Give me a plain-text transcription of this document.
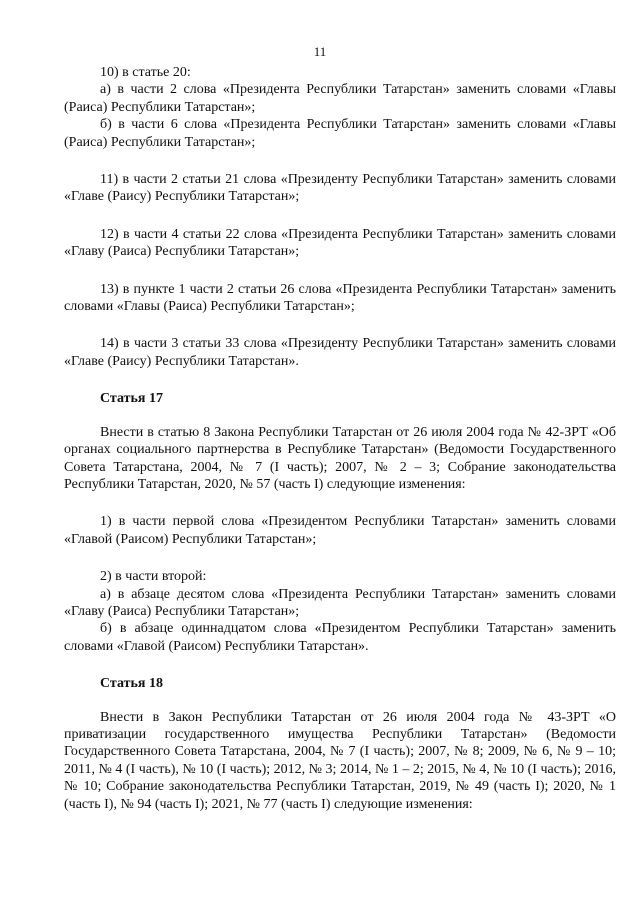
11

10) в статье 20:

а) в части 2 слова «Президента Республики Татарстан» заменить словами «Главы (Раиса) Республики Татарстан»;

б) в части 6 слова «Президента Республики Татарстан» заменить словами «Главы (Раиса) Республики Татарстан»;

11) в части 2 статьи 21 слова «Президенту Республики Татарстан» заменить словами «Главе (Раису) Республики Татарстан»;

12) в части 4 статьи 22 слова «Президента Республики Татарстан» заменить словами «Главу (Раиса) Республики Татарстан»;

13) в пункте 1 части 2 статьи 26 слова «Президента Республики Татарстан» заменить словами «Главы (Раиса) Республики Татарстан»;

14) в части 3 статьи 33 слова «Президенту Республики Татарстан» заменить словами «Главе (Раису) Республики Татарстан».

Статья 17

Внести в статью 8 Закона Республики Татарстан от 26 июля 2004 года № 42-ЗРТ «Об органах социального партнерства в Республике Татарстан» (Ведомости Государственного Совета Татарстана, 2004, № 7 (I часть); 2007, № 2 – 3; Собрание законодательства Республики Татарстан, 2020, № 57 (часть I) следующие изменения:

1) в части первой слова «Президентом Республики Татарстан» заменить словами «Главой (Раисом) Республики Татарстан»;

2) в части второй:

а) в абзаце десятом слова «Президента Республики Татарстан» заменить словами «Главу (Раиса) Республики Татарстан»;

б) в абзаце одиннадцатом слова «Президентом Республики Татарстан» заменить словами «Главой (Раисом) Республики Татарстан».

Статья 18

Внести в Закон Республики Татарстан от 26 июля 2004 года № 43-ЗРТ «О приватизации государственного имущества Республики Татарстан» (Ведомости Государственного Совета Татарстана, 2004, № 7 (I часть); 2007, № 8; 2009, № 6, № 9 – 10; 2011, № 4 (I часть), № 10 (I часть); 2012, № 3; 2014, № 1 – 2; 2015, № 4, № 10 (I часть); 2016, № 10; Собрание законодательства Республики Татарстан, 2019, № 49 (часть I); 2020, № 1 (часть I), № 94 (часть I); 2021, № 77 (часть I) следующие изменения:
